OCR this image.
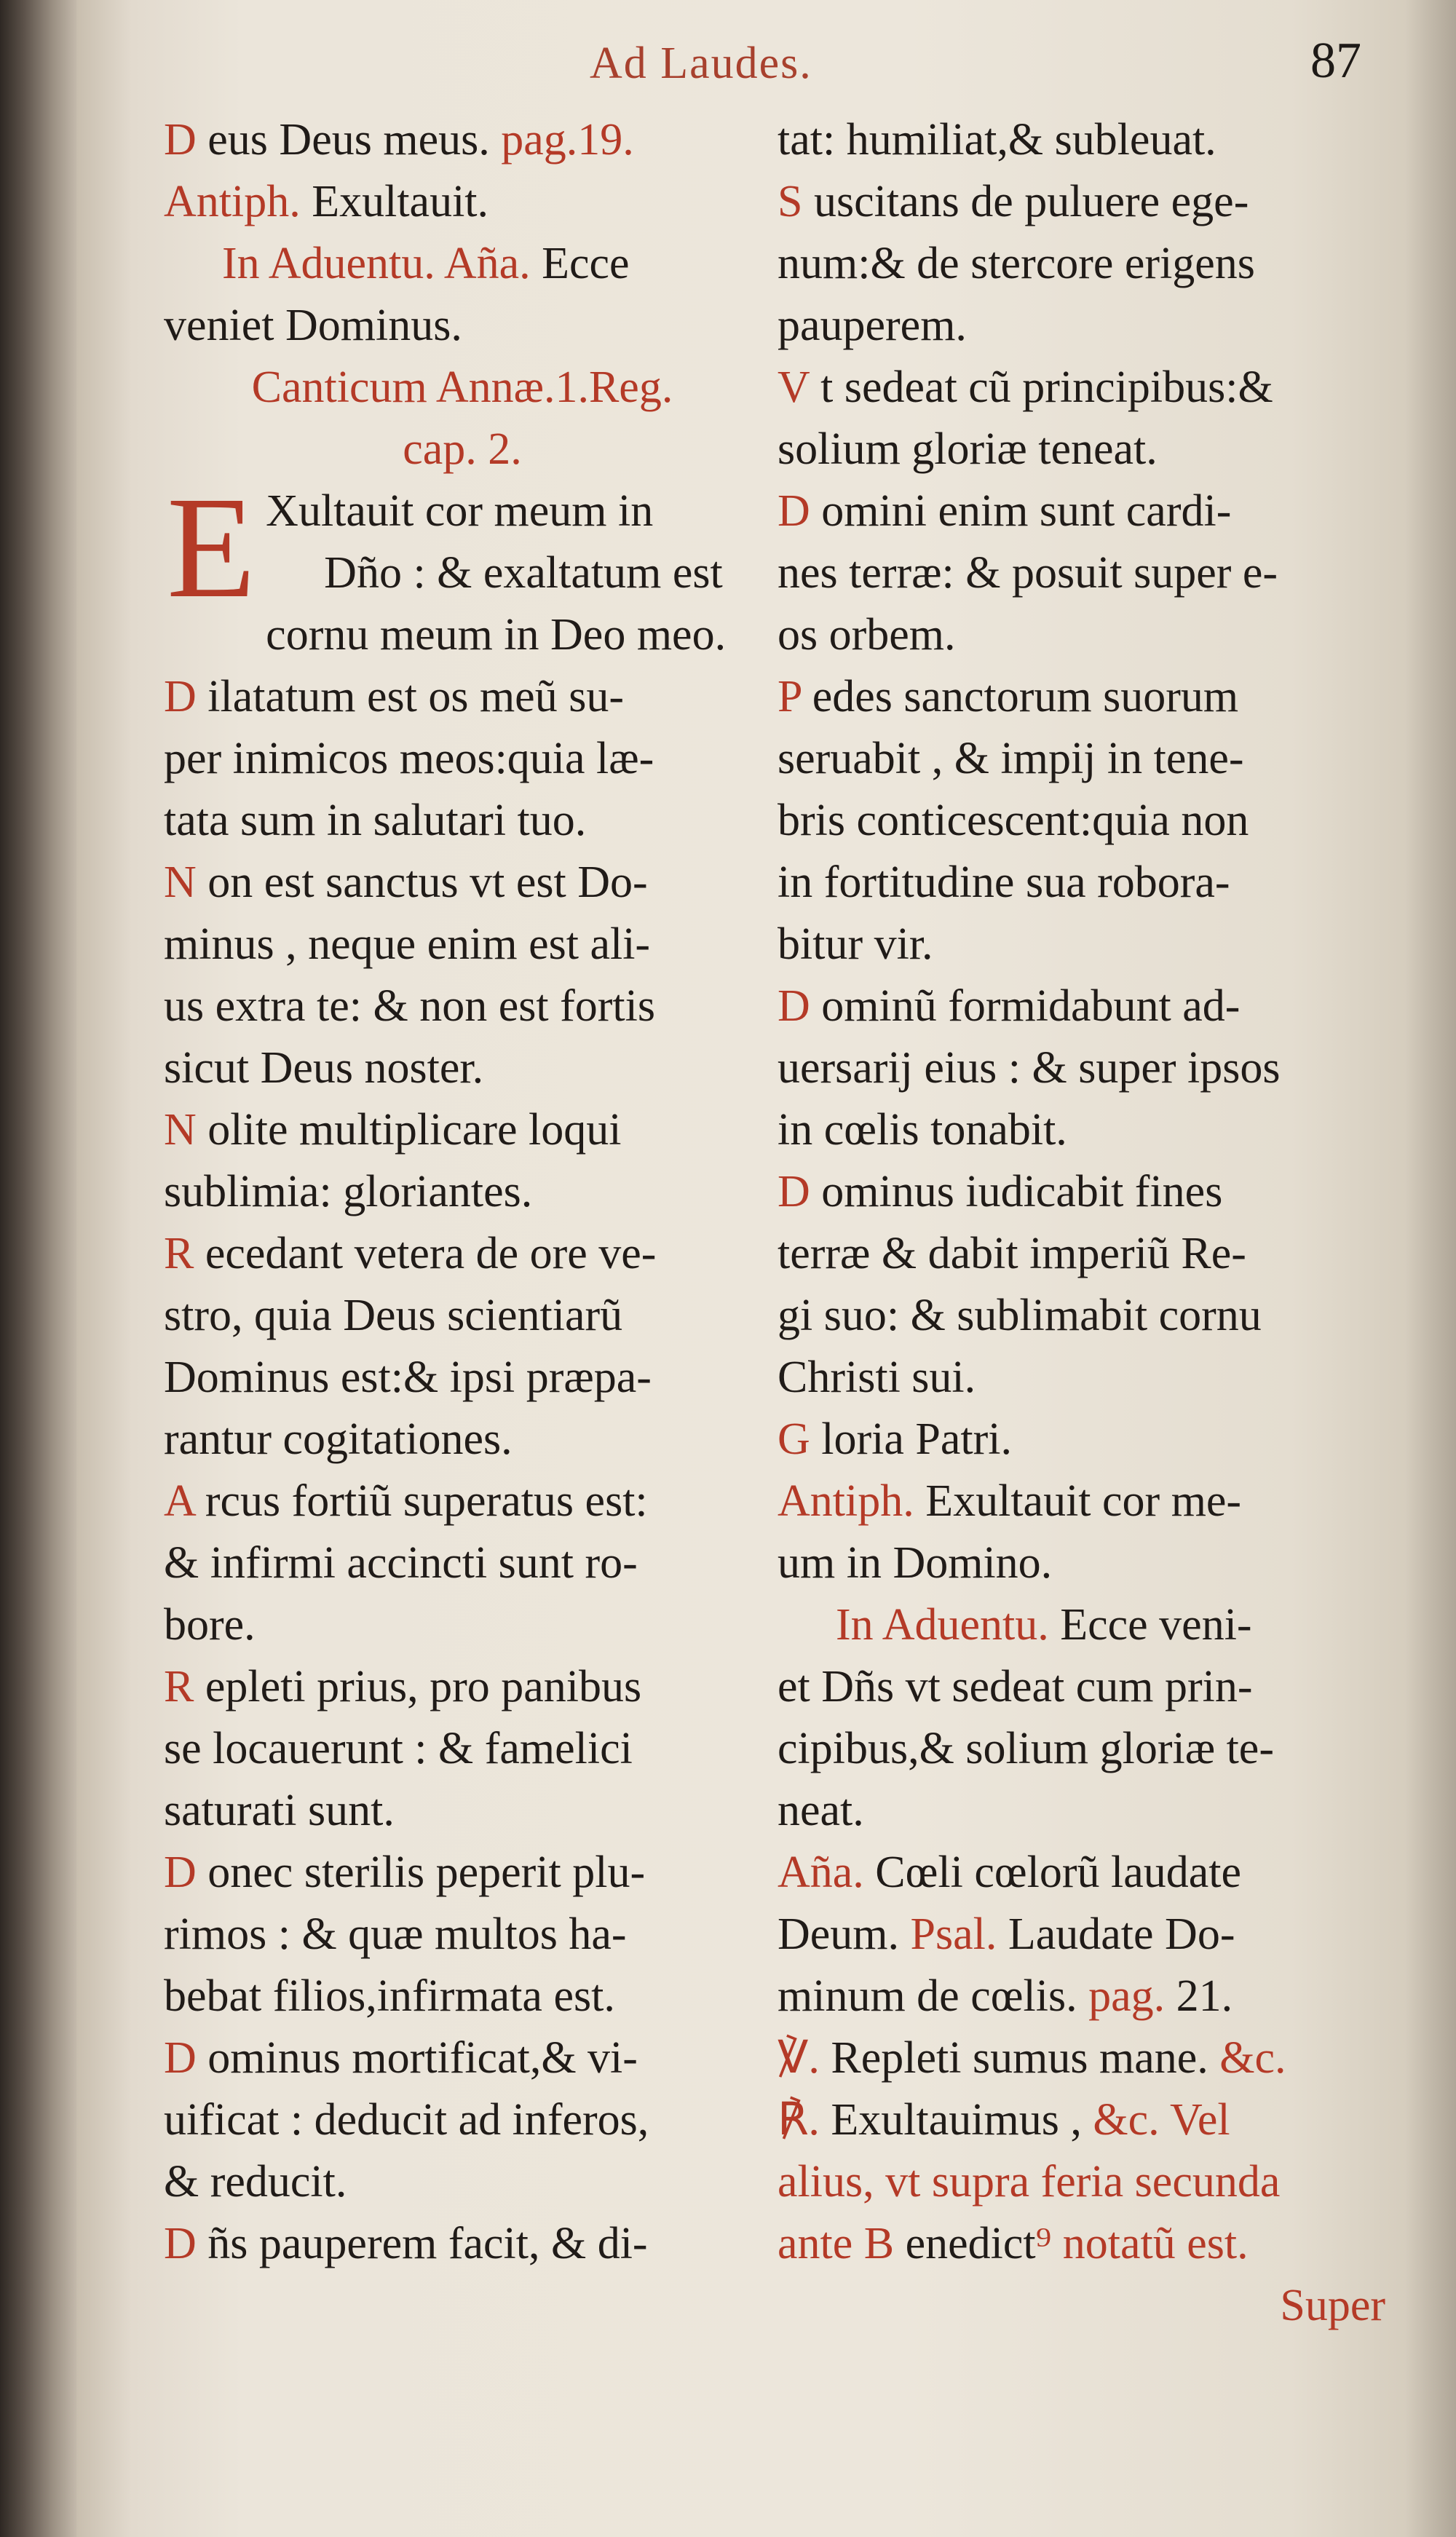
Ad Laudes.	87
D eus Deus meus. pag.19.
Antiph. Exultauit.
In Aduentu. Aña. Ecce
veniet Dominus.
Canticum Annæ.1.Reg.
cap. 2.
E Xultauit cor meum in
Dño : & exaltatum est
cornu meum in Deo meo.
D ilatatum est os meũ su-
per inimicos meos:quia læ-
tata sum in salutari tuo.
N on est sanctus vt est Do-
minus , neque enim est ali-
us extra te: & non est fortis
sicut Deus noster.
N olite multiplicare loqui
sublimia: gloriantes.
R ecedant vetera de ore ve-
stro, quia Deus scientiarũ
Dominus est:& ipsi præpa-
rantur cogitationes.
A rcus fortiũ superatus est:
& infirmi accincti sunt ro-
bore.
R epleti prius, pro panibus
se locauerunt : & famelici
saturati sunt.
D onec sterilis peperit plu-
rimos : & quæ multos ha-
bebat filios,infirmata est.
D ominus mortificat,& vi-
uificat : deducit ad inferos,
& reducit.
D ñs pauperem facit, & di-
tat: humiliat,& subleuat.
S uscitans de puluere ege-
num:& de stercore erigens
pauperem.
V t sedeat cũ principibus:&
solium gloriæ teneat.
D omini enim sunt cardi-
nes terræ: & posuit super e-
os orbem.
P edes sanctorum suorum
seruabit , & impij in tene-
bris conticescent:quia non
in fortitudine sua robora-
bitur vir.
D ominũ formidabunt ad-
uersarij eius : & super ipsos
in cœlis tonabit.
D ominus iudicabit fines
terræ & dabit imperiũ Re-
gi suo: & sublimabit cornu
Christi sui.
G loria Patri.
Antiph. Exultauit cor me-
um in Domino.
In Aduentu. Ecce veni-
et Dñs vt sedeat cum prin-
cipibus,& solium gloriæ te-
neat.
Aña. Cœli cœlorũ laudate
Deum. Psal. Laudate Do-
minum de cœlis. pag. 21.
℣. Repleti sumus mane. &c.
℟. Exultauimus , &c. Vel
alius, vt supra feria secunda
ante B enedict⁹ notatũ est.
Super
